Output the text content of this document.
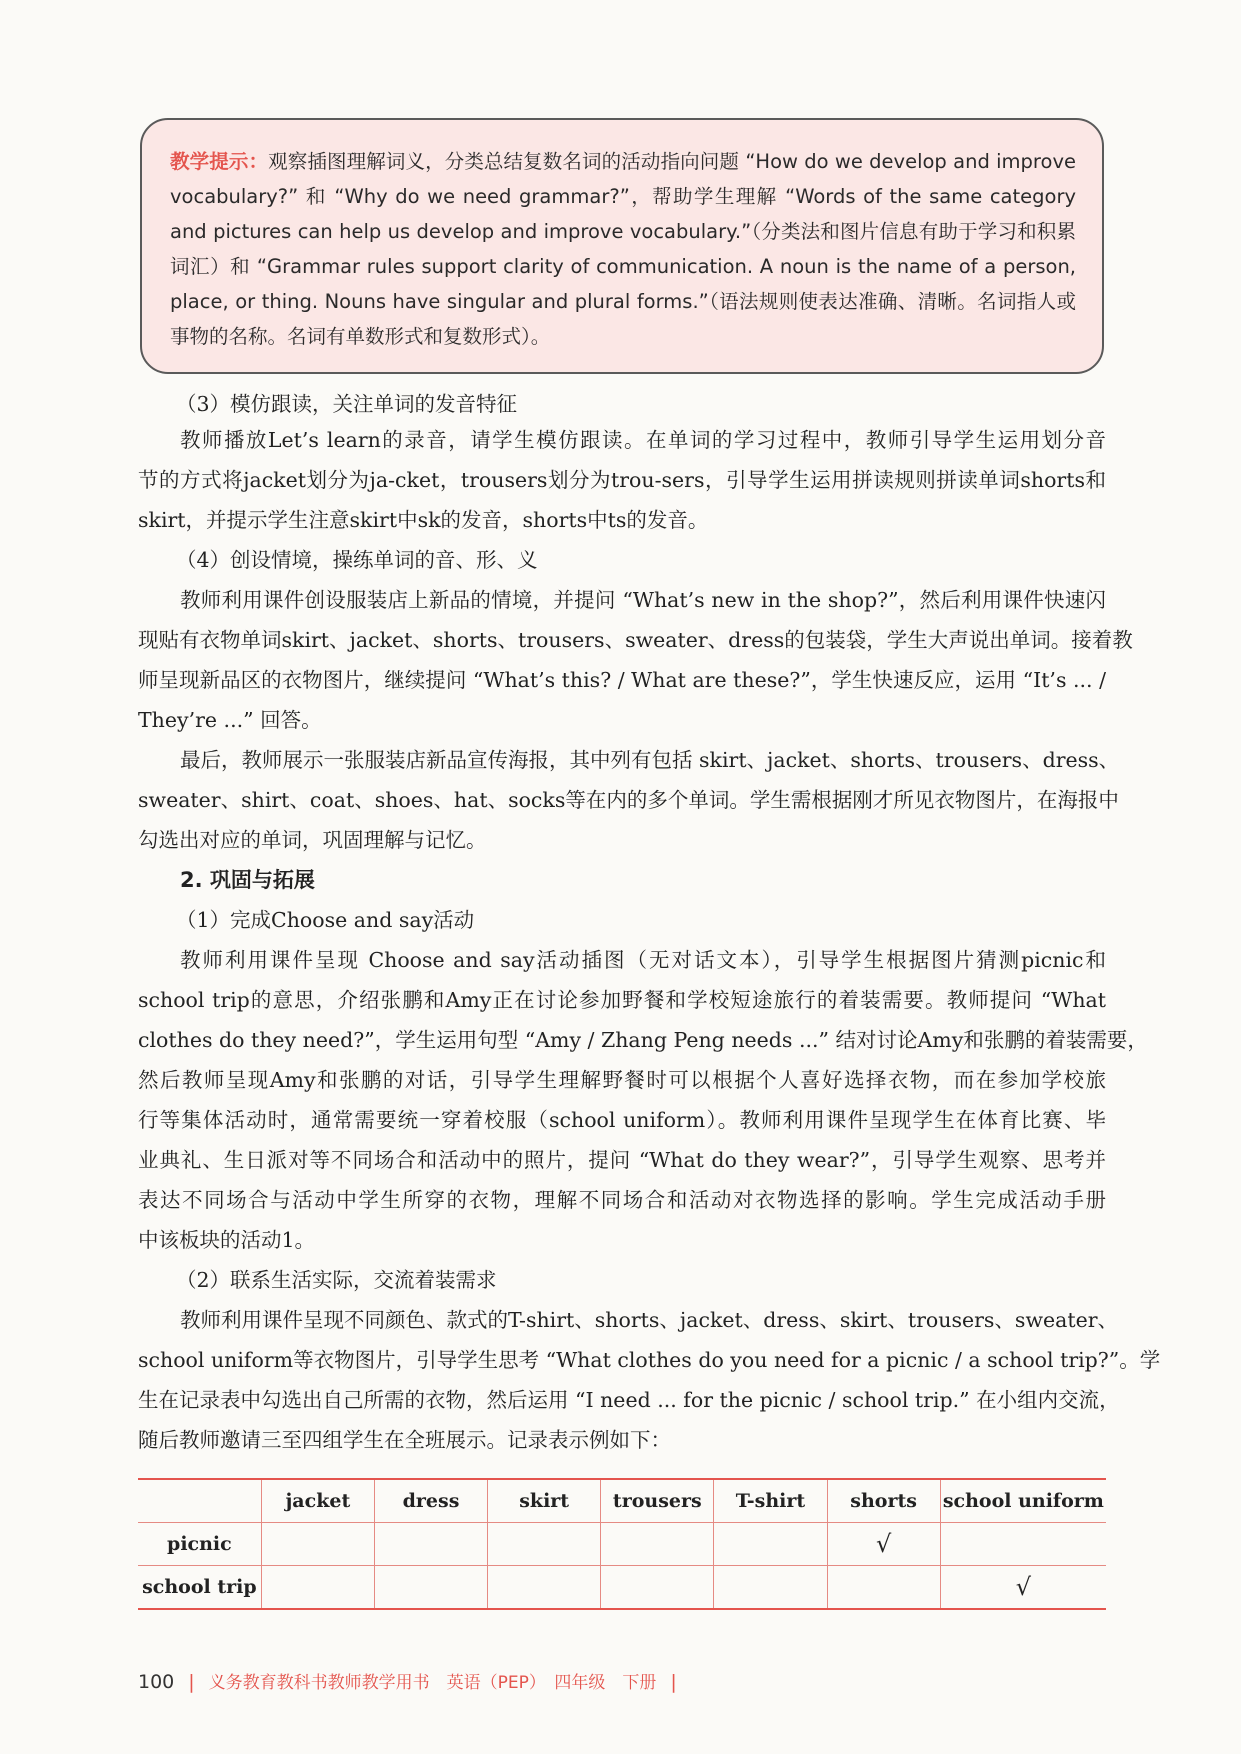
教学提示：观察插图理解词义，分类总结复数名词的活动指向问题 “How do we develop and improve vocabulary?” 和 “Why do we need grammar?”，帮助学生理解 “Words of the same category and pictures can help us develop and improve vocabulary.”（分类法和图片信息有助于学习和积累词汇）和 “Grammar rules support clarity of communication. A noun is the name of a person, place, or thing. Nouns have singular and plural forms.”（语法规则使表达准确、清晰。名词指人或事物的名称。名词有单数形式和复数形式）。
（3）模仿跟读，关注单词的发音特征
教师播放Let’s learn的录音，请学生模仿跟读。在单词的学习过程中，教师引导学生运用划分音
节的方式将jacket划分为ja-cket，trousers划分为trou-sers，引导学生运用拼读规则拼读单词shorts和
skirt，并提示学生注意skirt中sk的发音，shorts中ts的发音。
（4）创设情境，操练单词的音、形、义
教师利用课件创设服装店上新品的情境，并提问 “What’s new in the shop?”，然后利用课件快速闪
现贴有衣物单词skirt、jacket、shorts、trousers、sweater、dress的包装袋，学生大声说出单词。接着教
师呈现新品区的衣物图片，继续提问 “What’s this? / What are these?”，学生快速反应，运用 “It’s ... /
They’re ...” 回答。
最后，教师展示一张服装店新品宣传海报，其中列有包括 skirt、jacket、shorts、trousers、dress、
sweater、shirt、coat、shoes、hat、socks等在内的多个单词。学生需根据刚才所见衣物图片，在海报中
勾选出对应的单词，巩固理解与记忆。
2. 巩固与拓展
（1）完成Choose and say活动
教师利用课件呈现 Choose and say活动插图（无对话文本），引导学生根据图片猜测picnic和
school trip的意思，介绍张鹏和Amy正在讨论参加野餐和学校短途旅行的着装需要。教师提问 “What
clothes do they need?”，学生运用句型 “Amy / Zhang Peng needs ...” 结对讨论Amy和张鹏的着装需要，
然后教师呈现Amy和张鹏的对话，引导学生理解野餐时可以根据个人喜好选择衣物，而在参加学校旅
行等集体活动时，通常需要统一穿着校服（school uniform）。教师利用课件呈现学生在体育比赛、毕
业典礼、生日派对等不同场合和活动中的照片，提问 “What do they wear?”，引导学生观察、思考并
表达不同场合与活动中学生所穿的衣物，理解不同场合和活动对衣物选择的影响。学生完成活动手册
中该板块的活动1。
（2）联系生活实际，交流着装需求
教师利用课件呈现不同颜色、款式的T-shirt、shorts、jacket、dress、skirt、trousers、sweater、
school uniform等衣物图片，引导学生思考 “What clothes do you need for a picnic / a school trip?”。学
生在记录表中勾选出自己所需的衣物，然后运用 “I need ... for the picnic / school trip.” 在小组内交流，
随后教师邀请三至四组学生在全班展示。记录表示例如下：
	jacket	dress	skirt	trousers	T-shirt	shorts	school uniform
picnic						√	
school trip							√
100 | 义务教育教科书教师教学用书　英语（PEP）　四年级　下册 |
